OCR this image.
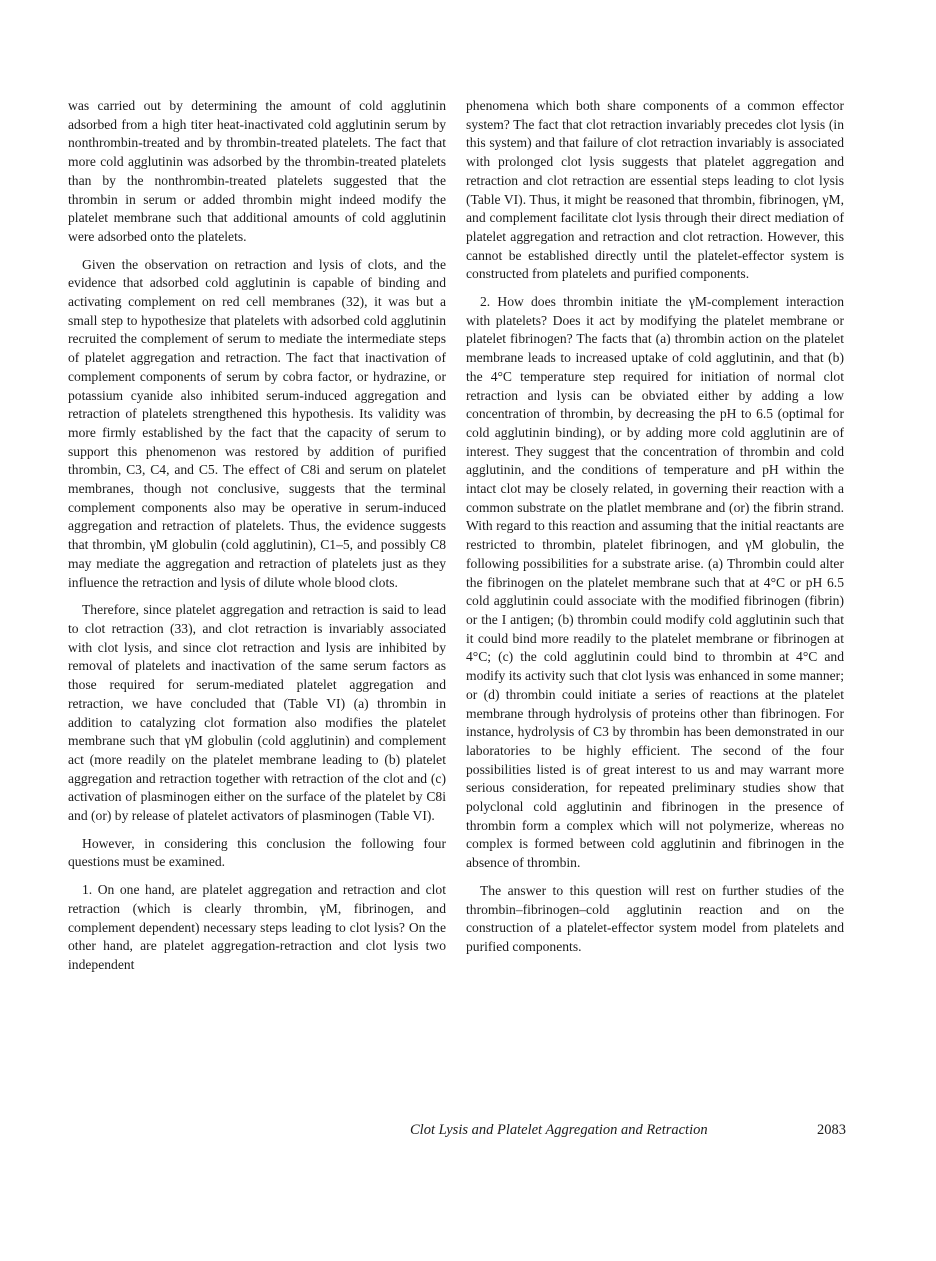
was carried out by determining the amount of cold agglutinin adsorbed from a high titer heat-inactivated cold agglutinin serum by nonthrombin-treated and by thrombin-treated platelets. The fact that more cold agglutinin was adsorbed by the thrombin-treated platelets than by the nonthrombin-treated platelets suggested that the thrombin in serum or added thrombin might indeed modify the platelet membrane such that additional amounts of cold agglutinin were adsorbed onto the platelets.

Given the observation on retraction and lysis of clots, and the evidence that adsorbed cold agglutinin is capable of binding and activating complement on red cell membranes (32), it was but a small step to hypothesize that platelets with adsorbed cold agglutinin recruited the complement of serum to mediate the intermediate steps of platelet aggregation and retraction. The fact that inactivation of complement components of serum by cobra factor, or hydrazine, or potassium cyanide also inhibited serum-induced aggregation and retraction of platelets strengthened this hypothesis. Its validity was more firmly established by the fact that the capacity of serum to support this phenomenon was restored by addition of purified thrombin, C3, C4, and C5. The effect of C8i and serum on platelet membranes, though not conclusive, suggests that the terminal complement components also may be operative in serum-induced aggregation and retraction of platelets. Thus, the evidence suggests that thrombin, γM globulin (cold agglutinin), C1–5, and possibly C8 may mediate the aggregation and retraction of platelets just as they influence the retraction and lysis of dilute whole blood clots.

Therefore, since platelet aggregation and retraction is said to lead to clot retraction (33), and clot retraction is invariably associated with clot lysis, and since clot retraction and lysis are inhibited by removal of platelets and inactivation of the same serum factors as those required for serum-mediated platelet aggregation and retraction, we have concluded that (Table VI) (a) thrombin in addition to catalyzing clot formation also modifies the platelet membrane such that γM globulin (cold agglutinin) and complement act (more readily on the platelet membrane leading to (b) platelet aggregation and retraction together with retraction of the clot and (c) activation of plasminogen either on the surface of the platelet by C8i and (or) by release of platelet activators of plasminogen (Table VI).

However, in considering this conclusion the following four questions must be examined.

1. On one hand, are platelet aggregation and retraction and clot retraction (which is clearly thrombin, γM, fibrinogen, and complement dependent) necessary steps leading to clot lysis? On the other hand, are platelet aggregation-retraction and clot lysis two independent

phenomena which both share components of a common effector system? The fact that clot retraction invariably precedes clot lysis (in this system) and that failure of clot retraction invariably is associated with prolonged clot lysis suggests that platelet aggregation and retraction and clot retraction are essential steps leading to clot lysis (Table VI). Thus, it might be reasoned that thrombin, fibrinogen, γM, and complement facilitate clot lysis through their direct mediation of platelet aggregation and retraction and clot retraction. However, this cannot be established directly until the platelet-effector system is constructed from platelets and purified components.

2. How does thrombin initiate the γM-complement interaction with platelets? Does it act by modifying the platelet membrane or platelet fibrinogen? The facts that (a) thrombin action on the platelet membrane leads to increased uptake of cold agglutinin, and that (b) the 4°C temperature step required for initiation of normal clot retraction and lysis can be obviated either by adding a low concentration of thrombin, by decreasing the pH to 6.5 (optimal for cold agglutinin binding), or by adding more cold agglutinin are of interest. They suggest that the concentration of thrombin and cold agglutinin, and the conditions of temperature and pH within the intact clot may be closely related, in governing their reaction with a common substrate on the platlet membrane and (or) the fibrin strand. With regard to this reaction and assuming that the initial reactants are restricted to thrombin, platelet fibrinogen, and γM globulin, the following possibilities for a substrate arise. (a) Thrombin could alter the fibrinogen on the platelet membrane such that at 4°C or pH 6.5 cold agglutinin could associate with the modified fibrinogen (fibrin) or the I antigen; (b) thrombin could modify cold agglutinin such that it could bind more readily to the platelet membrane or fibrinogen at 4°C; (c) the cold agglutinin could bind to thrombin at 4°C and modify its activity such that clot lysis was enhanced in some manner; or (d) thrombin could initiate a series of reactions at the platelet membrane through hydrolysis of proteins other than fibrinogen. For instance, hydrolysis of C3 by thrombin has been demonstrated in our laboratories to be highly efficient. The second of the four possibilities listed is of great interest to us and may warrant more serious consideration, for repeated preliminary studies show that polyclonal cold agglutinin and fibrinogen in the presence of thrombin form a complex which will not polymerize, whereas no complex is formed between cold agglutinin and fibrinogen in the absence of thrombin.

The answer to this question will rest on further studies of the thrombin–fibrinogen–cold agglutinin reaction and on the construction of a platelet-effector system model from platelets and purified components.

Clot Lysis and Platelet Aggregation and Retraction	2083
